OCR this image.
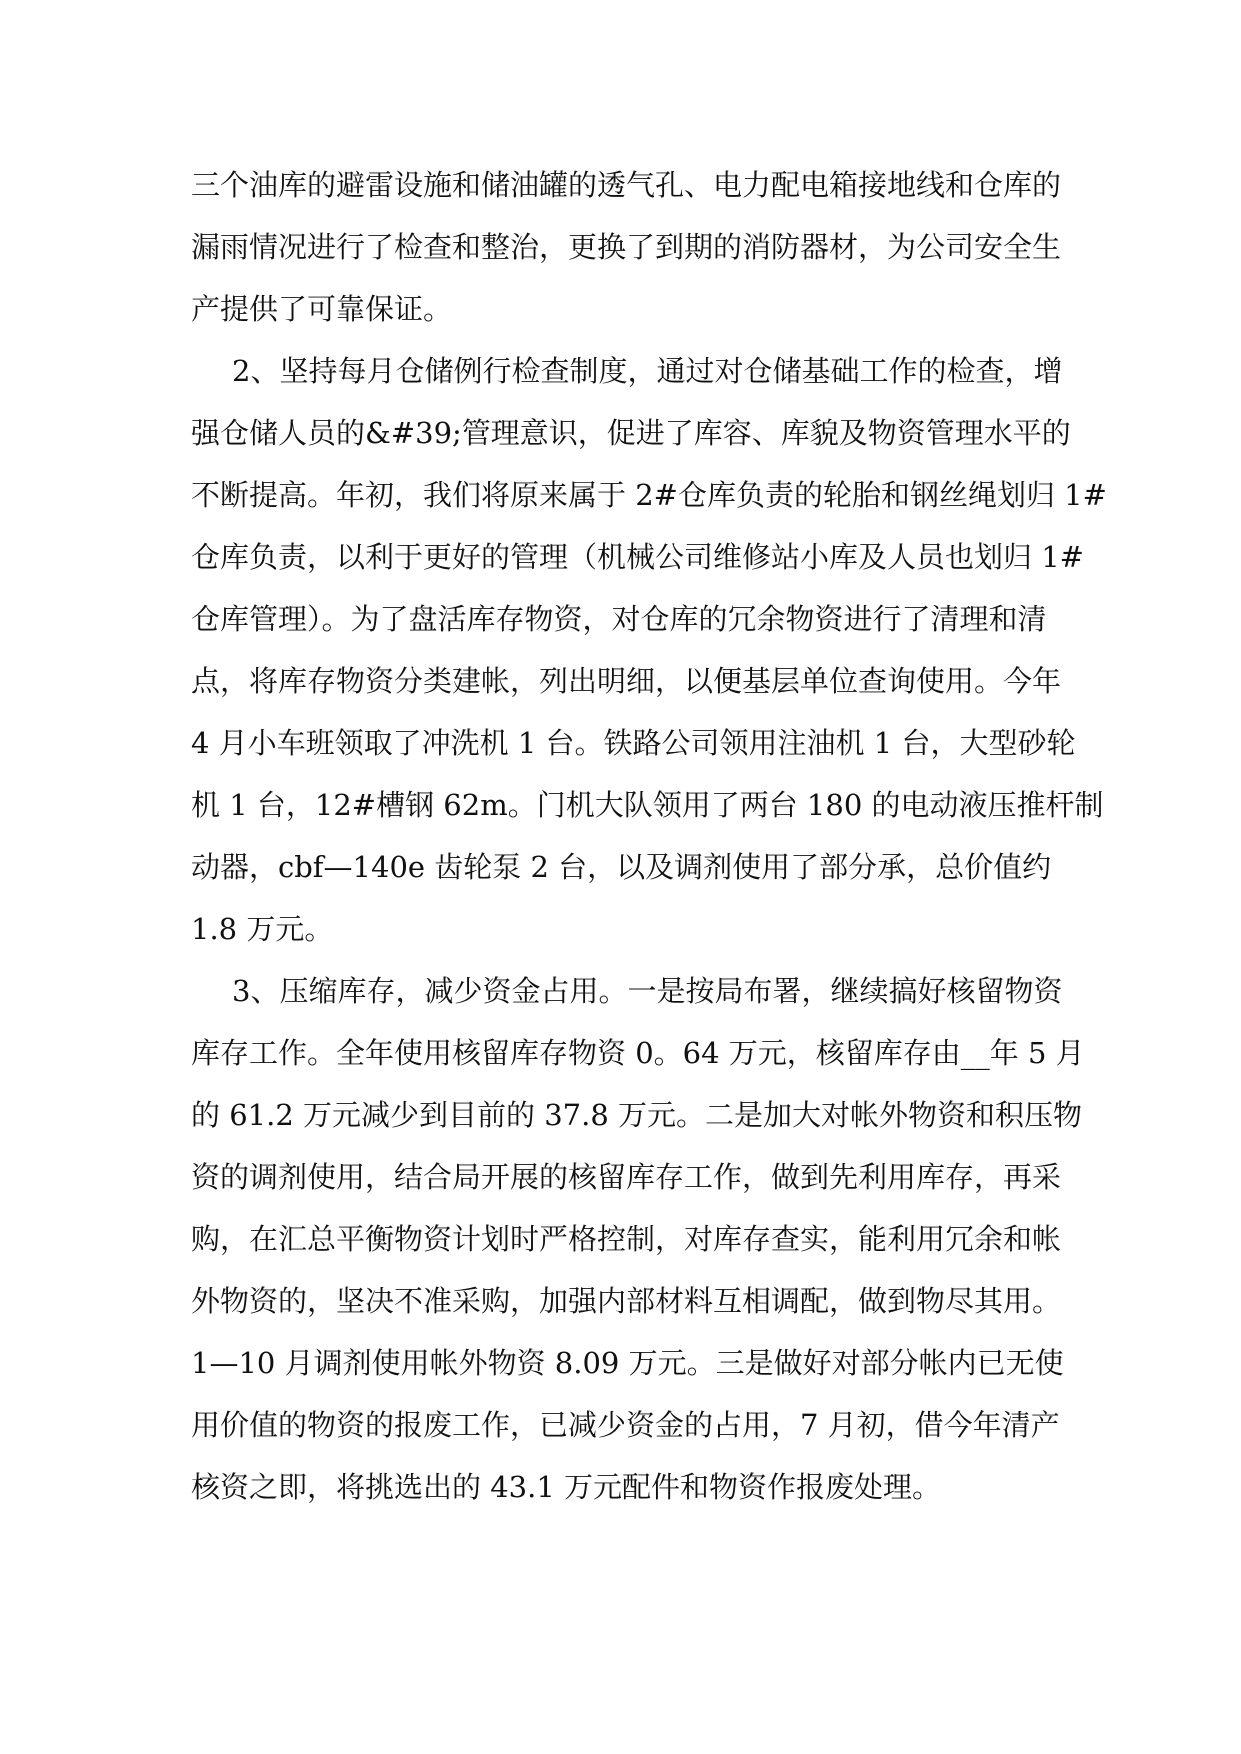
三个油库的避雷设施和储油罐的透气孔、电力配电箱接地线和仓库的
漏雨情况进行了检查和整治，更换了到期的消防器材，为公司安全生
产提供了可靠保证。
2、坚持每月仓储例行检查制度，通过对仓储基础工作的检查，增
强仓储人员的&#39;管理意识，促进了库容、库貌及物资管理水平的
不断提高。年初，我们将原来属于 2#仓库负责的轮胎和钢丝绳划归 1#
仓库负责，以利于更好的管理（机械公司维修站小库及人员也划归 1#
仓库管理）。为了盘活库存物资，对仓库的冗余物资进行了清理和清
点，将库存物资分类建帐，列出明细，以便基层单位查询使用。今年
4 月小车班领取了冲洗机 1 台。铁路公司领用注油机 1 台，大型砂轮
机 1 台，12#槽钢 62m。门机大队领用了两台 180 的电动液压推杆制
动器，cbf—140e 齿轮泵 2 台，以及调剂使用了部分承，总价值约
1.8 万元。
3、压缩库存，减少资金占用。一是按局布署，继续搞好核留物资
库存工作。全年使用核留库存物资 0。64 万元，核留库存由__年 5 月
的 61.2 万元减少到目前的 37.8 万元。二是加大对帐外物资和积压物
资的调剂使用，结合局开展的核留库存工作，做到先利用库存，再采
购，在汇总平衡物资计划时严格控制，对库存查实，能利用冗余和帐
外物资的，坚决不准采购，加强内部材料互相调配，做到物尽其用。
1—10 月调剂使用帐外物资 8.09 万元。三是做好对部分帐内已无使
用价值的物资的报废工作，已减少资金的占用，7 月初，借今年清产
核资之即，将挑选出的 43.1 万元配件和物资作报废处理。
